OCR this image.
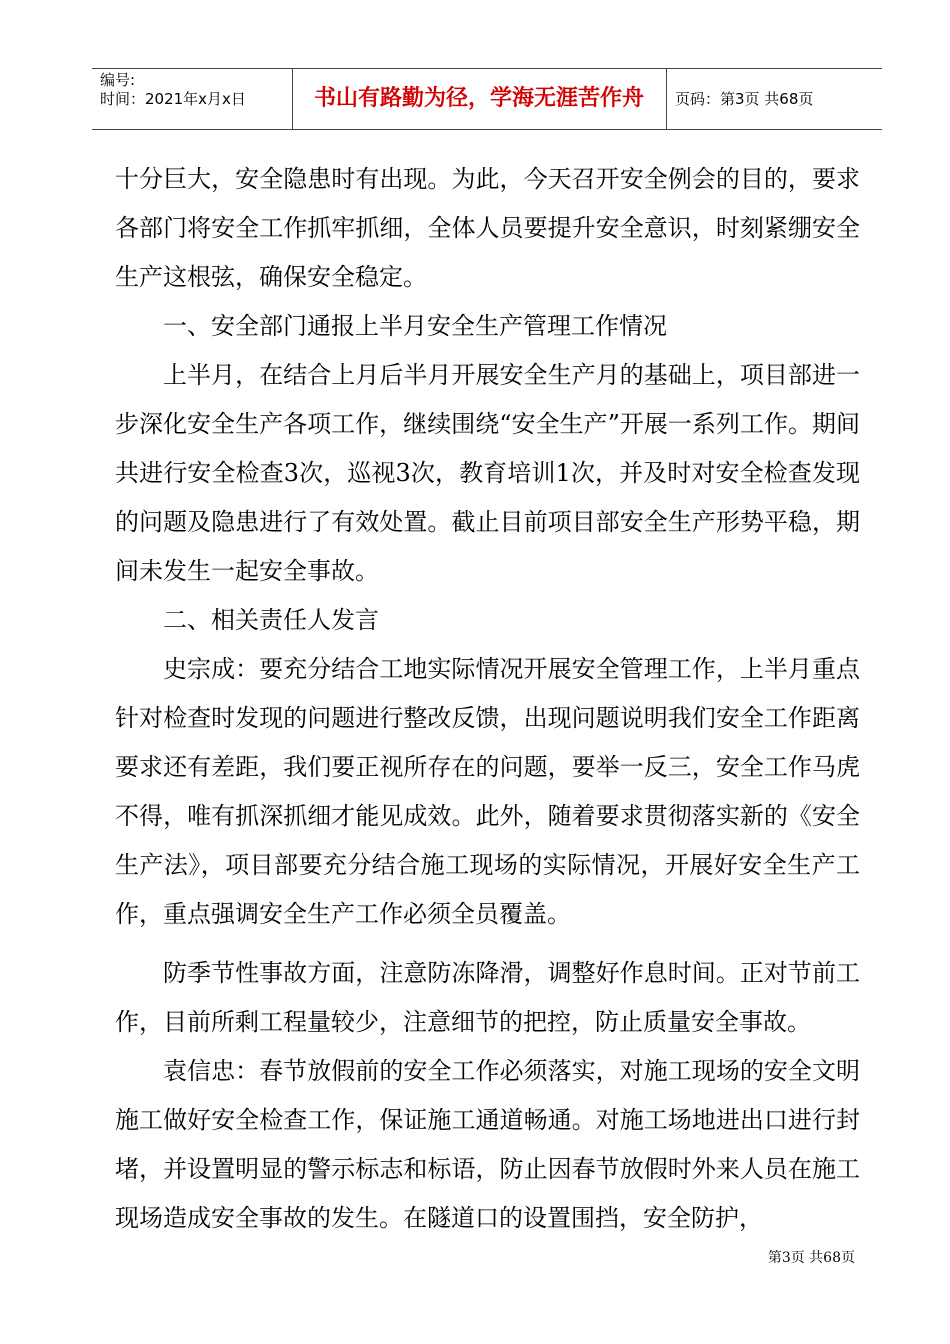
编号:
时间：2021年x月x日	书山有路勤为径，学海无涯苦作舟	页码：第3页 共68页

十分巨大，安全隐患时有出现。为此，今天召开安全例会的目的，要求各部门将安全工作抓牢抓细，全体人员要提升安全意识，时刻紧绷安全生产这根弦，确保安全稳定。

一、安全部门通报上半月安全生产管理工作情况

上半月，在结合上月后半月开展安全生产月的基础上，项目部进一步深化安全生产各项工作，继续围绕“安全生产”开展一系列工作。期间共进行安全检查3次，巡视3次，教育培训1次，并及时对安全检查发现的问题及隐患进行了有效处置。截止目前项目部安全生产形势平稳，期间未发生一起安全事故。

二、相关责任人发言

史宗成：要充分结合工地实际情况开展安全管理工作，上半月重点针对检查时发现的问题进行整改反馈，出现问题说明我们安全工作距离要求还有差距，我们要正视所存在的问题，要举一反三，安全工作马虎不得，唯有抓深抓细才能见成效。此外，随着要求贯彻落实新的《安全生产法》，项目部要充分结合施工现场的实际情况，开展好安全生产工作，重点强调安全生产工作必须全员覆盖。

防季节性事故方面，注意防冻降滑，调整好作息时间。正对节前工作，目前所剩工程量较少，注意细节的把控，防止质量安全事故。

袁信忠：春节放假前的安全工作必须落实，对施工现场的安全文明施工做好安全检查工作，保证施工通道畅通。对施工场地进出口进行封堵，并设置明显的警示标志和标语，防止因春节放假时外来人员在施工现场造成安全事故的发生。在隧道口的设置围挡，安全防护，

第3页 共68页
